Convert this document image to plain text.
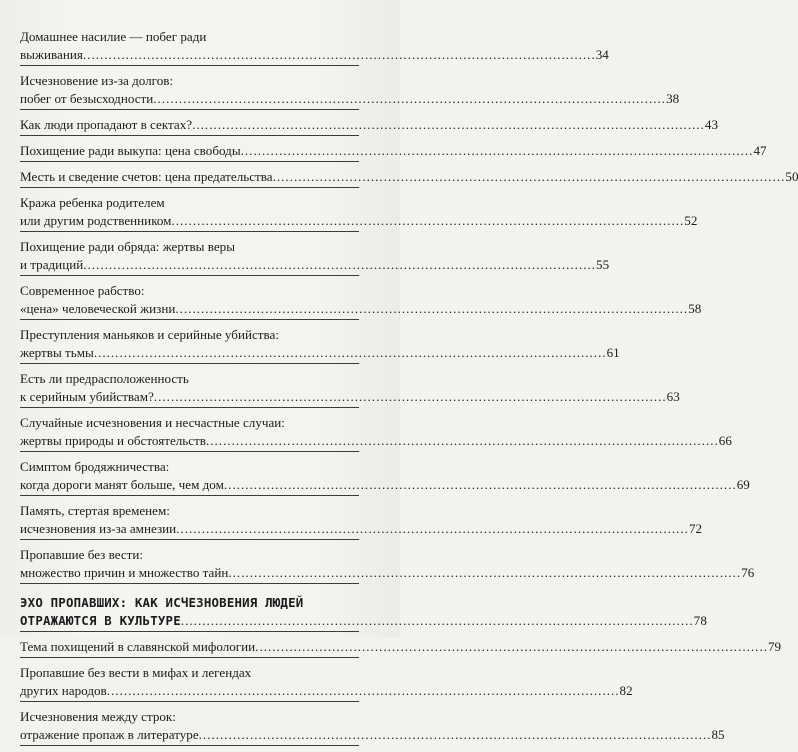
Домашнее насилие — побег ради
выживания ........................................................................................................................ 34
Исчезновение из-за долгов:
побег от безысходности ........................................................................................................................ 38
Как люди пропадают в сектах? ........................................................................................................................ 43
Похищение ради выкупа: цена свободы ........................................................................................................................ 47
Месть и сведение счетов: цена предательства ........................................................................................................................ 50
Кража ребенка родителем
или другим родственником ........................................................................................................................ 52
Похищение ради обряда: жертвы веры
и традиций ........................................................................................................................ 55
Современное рабство:
«цена» человеческой жизни ........................................................................................................................ 58
Преступления маньяков и серийные убийства:
жертвы тьмы ........................................................................................................................ 61
Есть ли предрасположенность
к серийным убийствам? ........................................................................................................................ 63
Случайные исчезновения и несчастные случаи:
жертвы природы и обстоятельств ........................................................................................................................ 66
Симптом бродяжничества:
когда дороги манят больше, чем дом ........................................................................................................................ 69
Память, стертая временем:
исчезновения из-за амнезии ........................................................................................................................ 72
Пропавшие без вести:
множество причин и множество тайн ........................................................................................................................ 76
ЭХО ПРОПАВШИХ: КАК ИСЧЕЗНОВЕНИЯ ЛЮДЕЙ
ОТРАЖАЮТСЯ В КУЛЬТУРЕ ........................................................................................................................ 78
Тема похищений в славянской мифологии ........................................................................................................................ 79
Пропавшие без вести в мифах и легендах
других народов ........................................................................................................................ 82
Исчезновения между строк:
отражение пропаж в литературе ........................................................................................................................ 85
